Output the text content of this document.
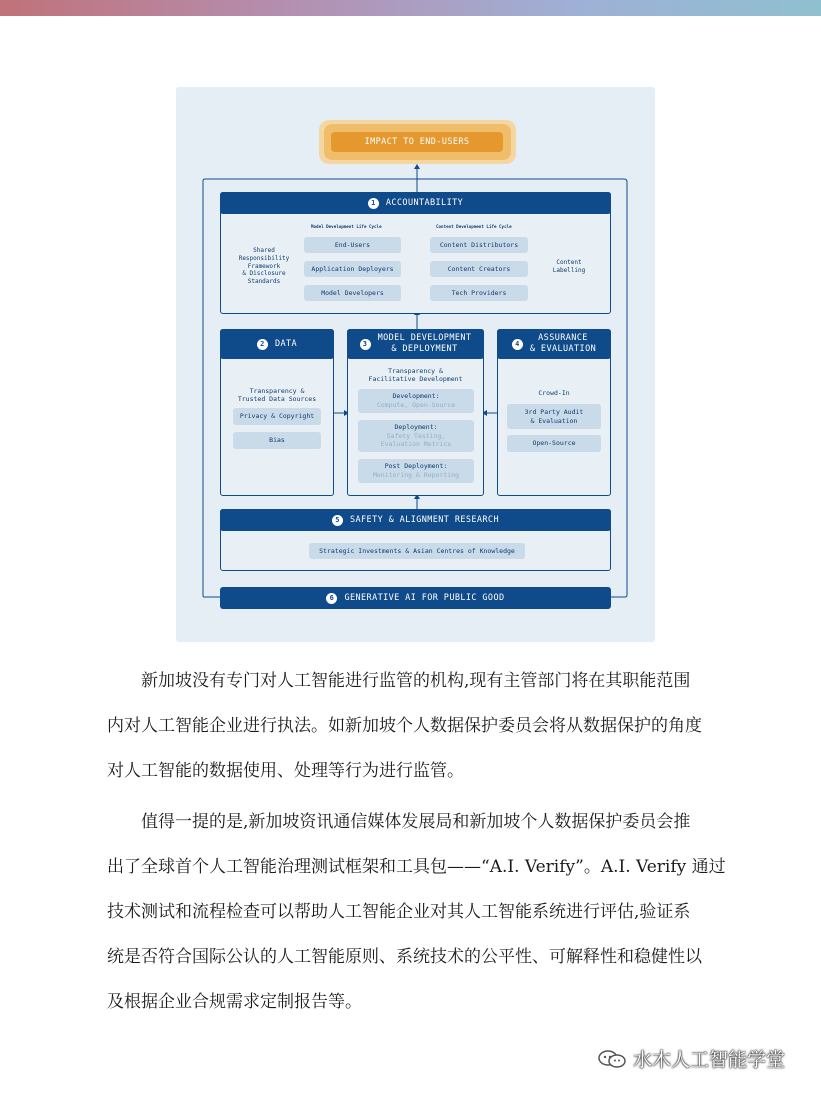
IMPACT TO END-USERS
1	ACCOUNTABILITY
Shared
Responsibility
Framework
& Disclosure
Standards
Content
Labelling
Model Development Life Cycle	Content Development Life Cycle
End-Users
Application Deployers
Model Developers
Content Distributors
Content Creators
Tech Providers
2	DATA
Transparency &
Trusted Data Sources
Privacy & Copyright
Bias
3
MODEL DEVELOPMENT
& DEPLOYMENT
Transparency &
Facilitative Development
Development:
Compute, Open-Source
Deployment:
Safety Testing,
Evaluation Metrics
Post Deployment:
Monitoring & Reporting
4
ASSURANCE
& EVALUATION
Crowd-In
3rd Party Audit
& Evaluation
Open-Source
5	SAFETY & ALIGNMENT RESEARCH
Strategic Investments & Asian Centres of Knowledge
6	GENERATIVE AI FOR PUBLIC GOOD
新加坡没有专门对人工智能进行监管的机构,现有主管部门将在其职能范围
内对人工智能企业进行执法。如新加坡个人数据保护委员会将从数据保护的角度
对人工智能的数据使用、处理等行为进行监管。
值得一提的是,新加坡资讯通信媒体发展局和新加坡个人数据保护委员会推
出了全球首个人工智能治理测试框架和工具包——“A.I. Verify”。A.I. Verify 通过
技术测试和流程检查可以帮助人工智能企业对其人工智能系统进行评估,验证系
统是否符合国际公认的人工智能原则、系统技术的公平性、可解释性和稳健性以
及根据企业合规需求定制报告等。
水木人工智能学堂
